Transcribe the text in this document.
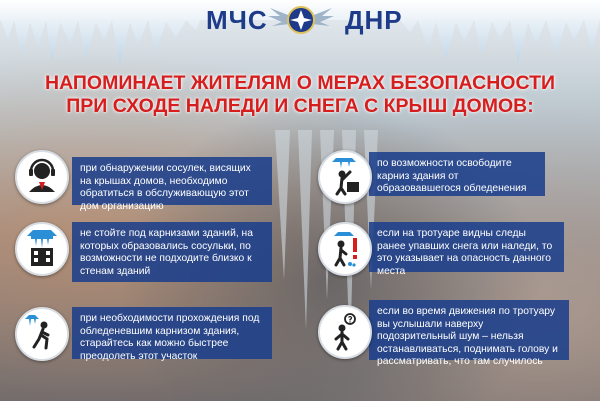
МЧС	ДНР
НАПОМИНАЕТ ЖИТЕЛЯМ О МЕРАХ БЕЗОПАСНОСТИ
ПРИ СХОДЕ НАЛЕДИ И СНЕГА С КРЫШ ДОМОВ:
при обнаружении сосулек, висящих на крышах домов, необходимо обратиться в обслуживающую этот дом организацию
не стойте под карнизами зданий, на которых образовались сосульки, по возможности не подходите близко к стенам зданий
при необходимости прохождения под обледеневшим карнизом здания, старайтесь как можно быстрее преодолеть этот участок
по возможности освободите карниз здания от образовавшегося обледенения
если на тротуаре видны следы ранее упавших снега или наледи, то это указывает на опасность данного места
если во время движения по тротуару вы услышали наверху подозрительный шум – нельзя останавливаться, поднимать голову и рассматривать, что там случилось
